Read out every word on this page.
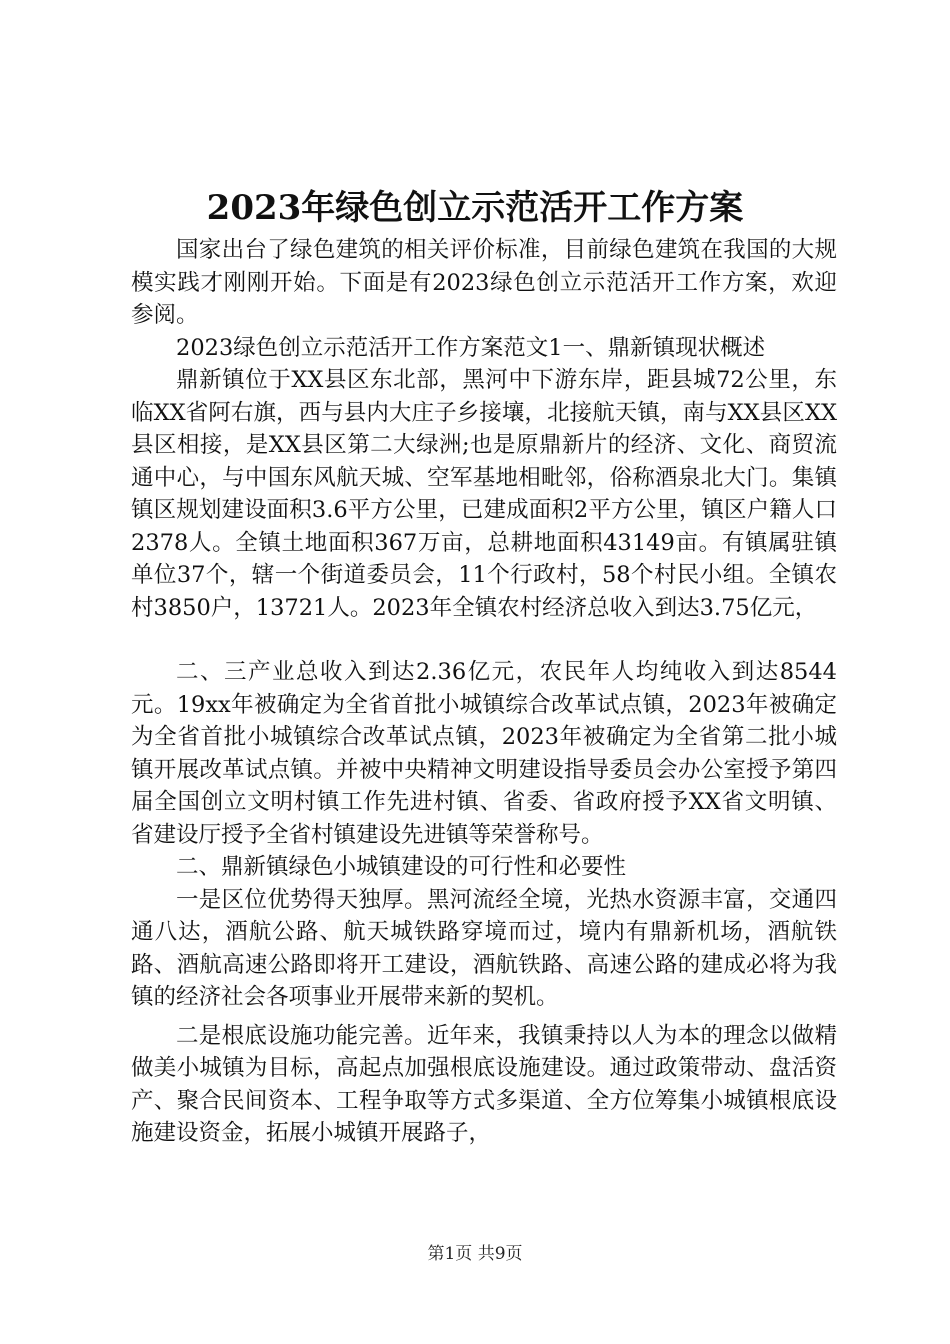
2023年绿色创立示范活开工作方案

国家出台了绿色建筑的相关评价标准，目前绿色建筑在我国的大规模实践才刚刚开始。下面是有2023绿色创立示范活开工作方案，欢迎参阅。

2023绿色创立示范活开工作方案范文1一、鼎新镇现状概述

鼎新镇位于XX县区东北部，黑河中下游东岸，距县城72公里，东临XX省阿右旗，西与县内大庄子乡接壤，北接航天镇，南与XX县区XX县区相接，是XX县区第二大绿洲;也是原鼎新片的经济、文化、商贸流通中心，与中国东风航天城、空军基地相毗邻，俗称酒泉北大门。集镇镇区规划建设面积3.6平方公里，已建成面积2平方公里，镇区户籍人口2378人。全镇土地面积367万亩，总耕地面积43149亩。有镇属驻镇单位37个，辖一个街道委员会，11个行政村，58个村民小组。全镇农村3850户，13721人。2023年全镇农村经济总收入到达3.75亿元，

二、三产业总收入到达2.36亿元，农民年人均纯收入到达8544元。19xx年被确定为全省首批小城镇综合改革试点镇，2023年被确定为全省首批小城镇综合改革试点镇，2023年被确定为全省第二批小城镇开展改革试点镇。并被中央精神文明建设指导委员会办公室授予第四届全国创立文明村镇工作先进村镇、省委、省政府授予XX省文明镇、省建设厅授予全省村镇建设先进镇等荣誉称号。

二、鼎新镇绿色小城镇建设的可行性和必要性

一是区位优势得天独厚。黑河流经全境，光热水资源丰富，交通四通八达，酒航公路、航天城铁路穿境而过，境内有鼎新机场，酒航铁路、酒航高速公路即将开工建设，酒航铁路、高速公路的建成必将为我镇的经济社会各项事业开展带来新的契机。

二是根底设施功能完善。近年来，我镇秉持以人为本的理念以做精做美小城镇为目标，高起点加强根底设施建设。通过政策带动、盘活资产、聚合民间资本、工程争取等方式多渠道、全方位筹集小城镇根底设施建设资金，拓展小城镇开展路子，

第1页 共9页
